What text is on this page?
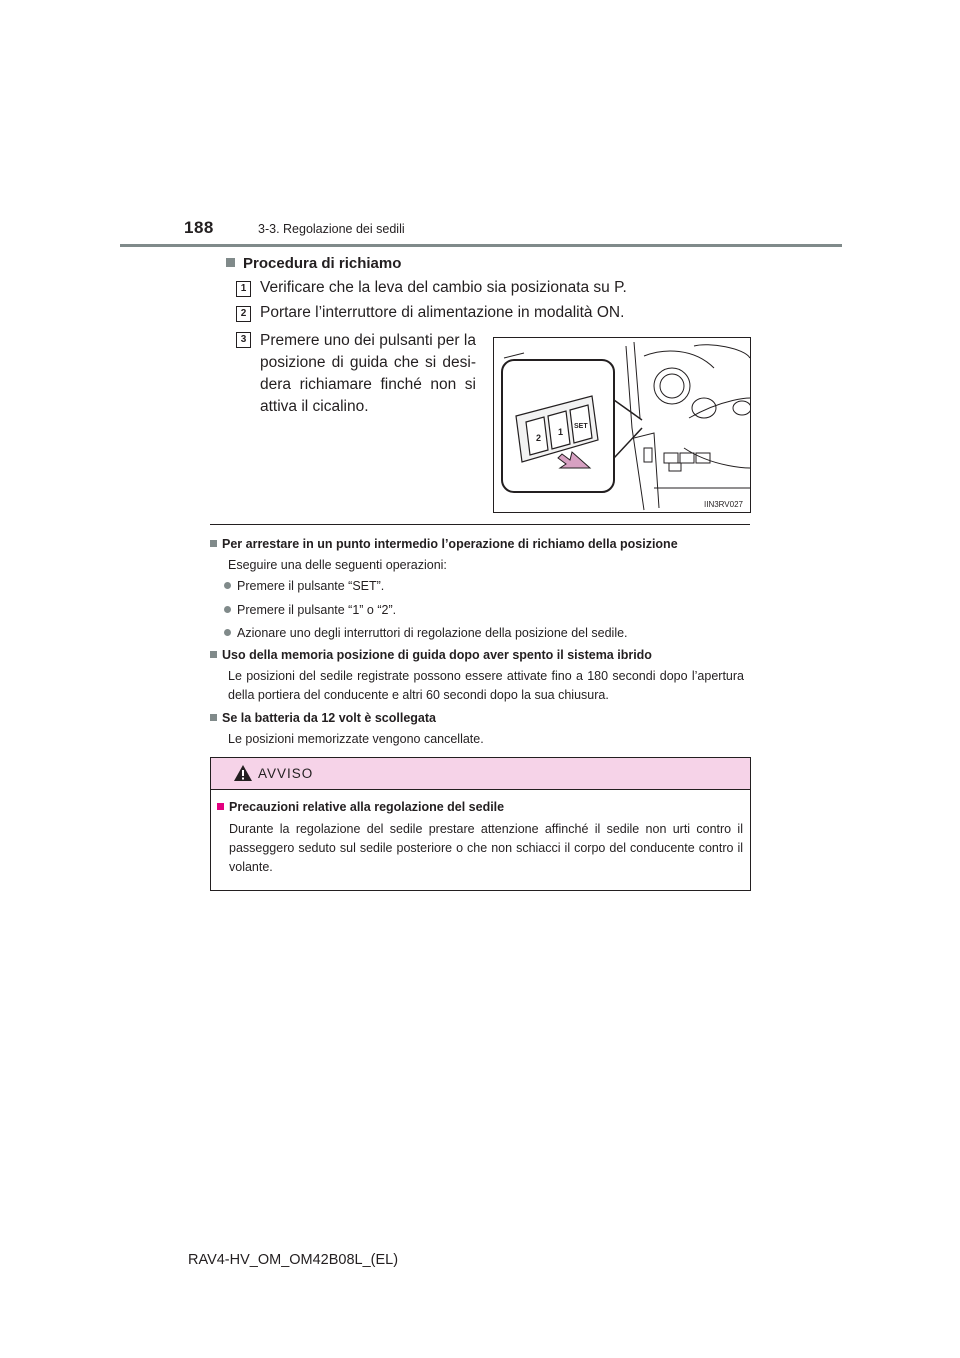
188	3-3. Regolazione dei sedili
Procedura di richiamo
1 Verificare che la leva del cambio sia posizionata su P.
2 Portare l’interruttore di alimentazione in modalità ON.
3 Premere uno dei pulsanti per la posizione di guida che si desi-dera richiamare finché non si attiva il cicalino.
2
1
SET
IIN3RV027
Per arrestare in un punto intermedio l’operazione di richiamo della posizione
Eseguire una delle seguenti operazioni:
Premere il pulsante “SET”.
Premere il pulsante “1” o “2”.
Azionare uno degli interruttori di regolazione della posizione del sedile.
Uso della memoria posizione di guida dopo aver spento il sistema ibrido
Le posizioni del sedile registrate possono essere attivate fino a 180 secondi dopo l’apertura della portiera del conducente e altri 60 secondi dopo la sua chiusura.
Se la batteria da 12 volt è scollegata
Le posizioni memorizzate vengono cancellate.
AVVISO
Precauzioni relative alla regolazione del sedile
Durante la regolazione del sedile prestare attenzione affinché il sedile non urti contro il passeggero seduto sul sedile posteriore o che non schiacci il corpo del conducente contro il volante.
RAV4-HV_OM_OM42B08L_(EL)
